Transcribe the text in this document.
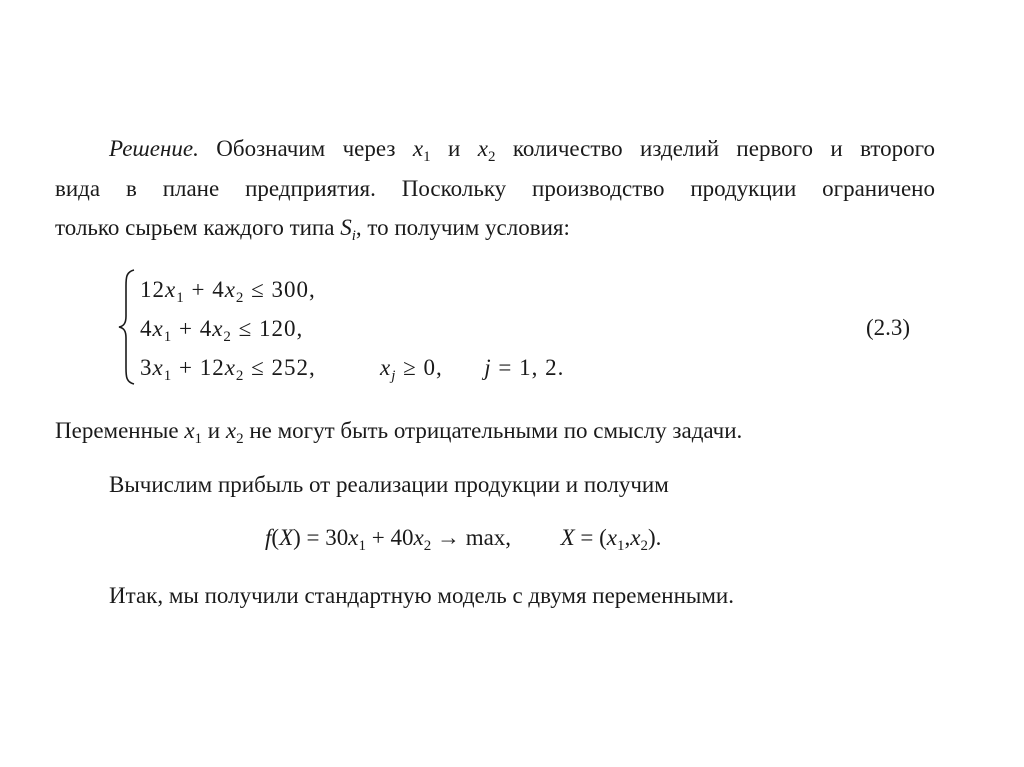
Решение. Обозначим через $x_1$ и $x_2$ количество изделий первого и второго
вида в плане предприятия. Поскольку производство продукции ограничено
только сырьем каждого типа $S_i$, то получим условия:
$12x_1 + 4x_2 \le 300$,
$4x_1 + 4x_2 \le 120$,
$3x_1 + 12x_2 \le 252$,	$x_j \ge 0$, j = 1, 2.
(2.3)
Переменные $x_1$ и $x_2$ не могут быть отрицательными по смыслу задачи.
Вычислим прибыль от реализации продукции и получим
$f(X) = 30x_1 + 40x_2 \to \max$, $X = (x_1,x_2)$.
Итак, мы получили стандартную модель с двумя переменными.
